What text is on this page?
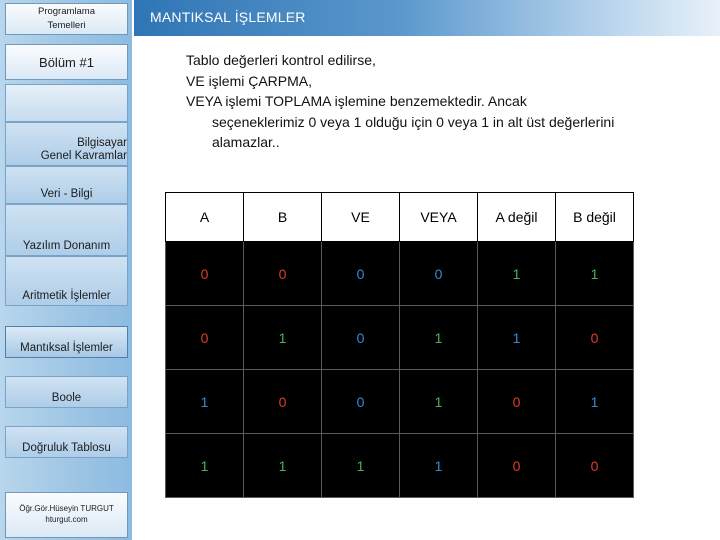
Programlama
Temelleri
Bölüm #1
Bilgisayar
Genel Kavramlar
Veri - Bilgi
Yazılım Donanım
Aritmetik İşlemler
Mantıksal İşlemler
Boole
Doğruluk Tablosu
Öğr.Gör.Hüseyin TURGUT
hturgut.com
MANTIKSAL İŞLEMLER
Tablo değerleri kontrol edilirse,
VE işlemi ÇARPMA,
VEYA işlemi TOPLAMA işlemine benzemektedir. Ancak
seçeneklerimiz 0 veya 1 olduğu için 0 veya 1 in alt üst değerlerini
alamazlar..
A	B	VE	VEYA	A değil	B değil
0	0	0	0	1	1
0	1	0	1	1	0
1	0	0	1	0	1
1	1	1	1	0	0
